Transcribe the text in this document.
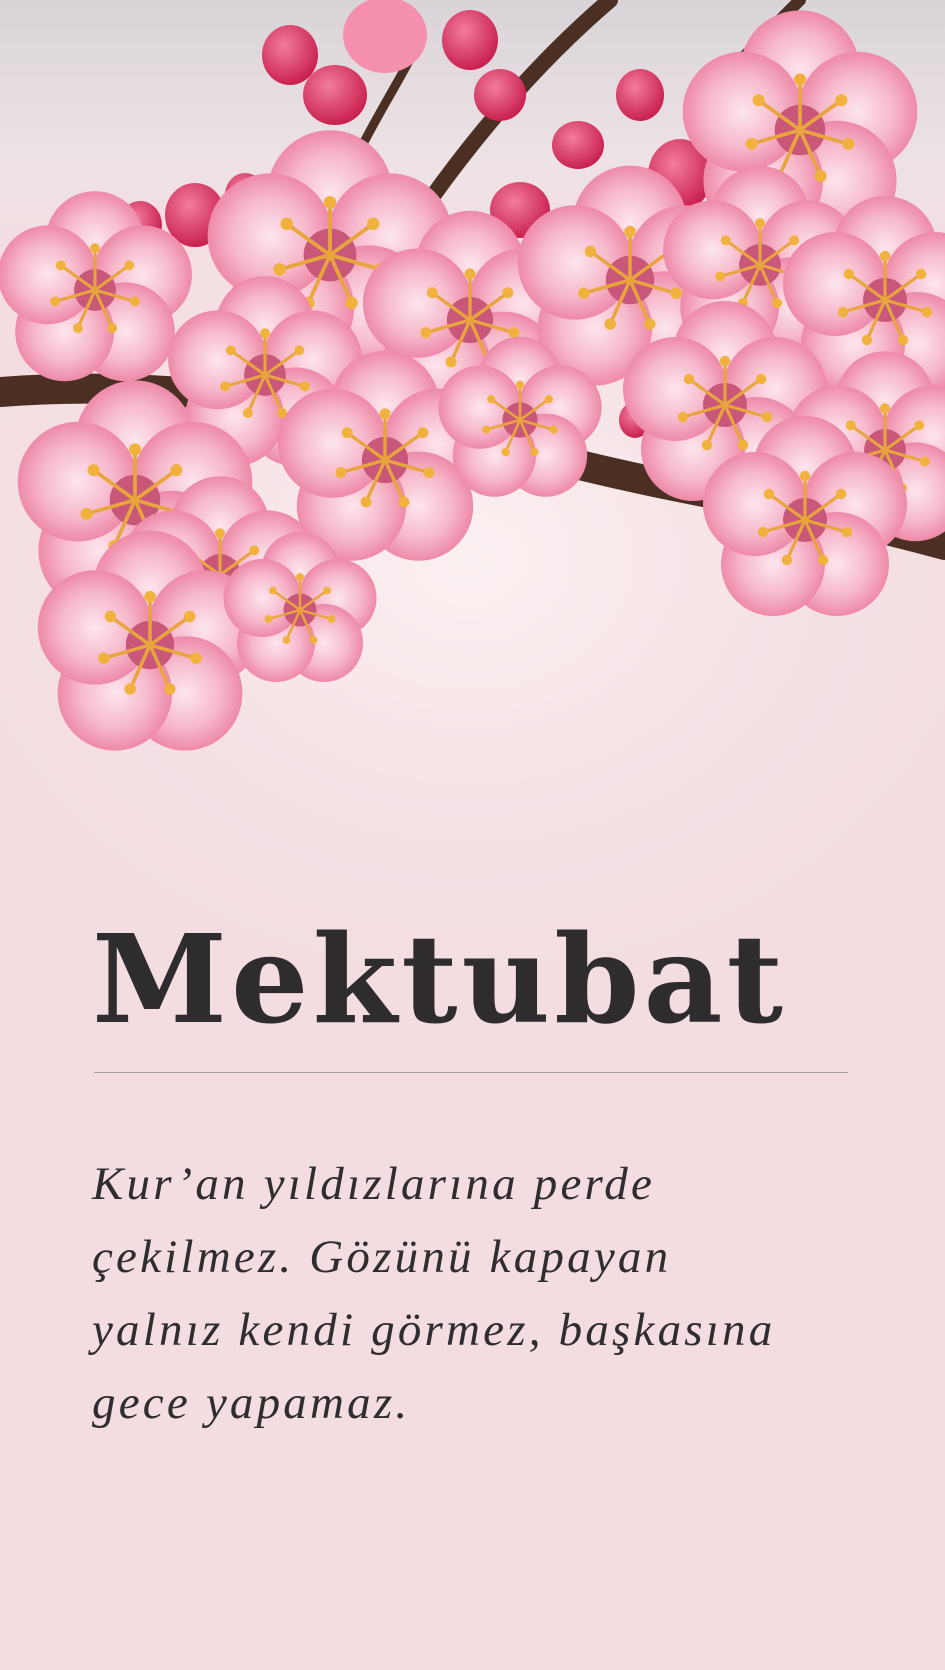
Mektubat

Kur’an yıldızlarına perde
çekilmez. Gözünü kapayan
yalnız kendi görmez, başkasına
gece yapamaz.
